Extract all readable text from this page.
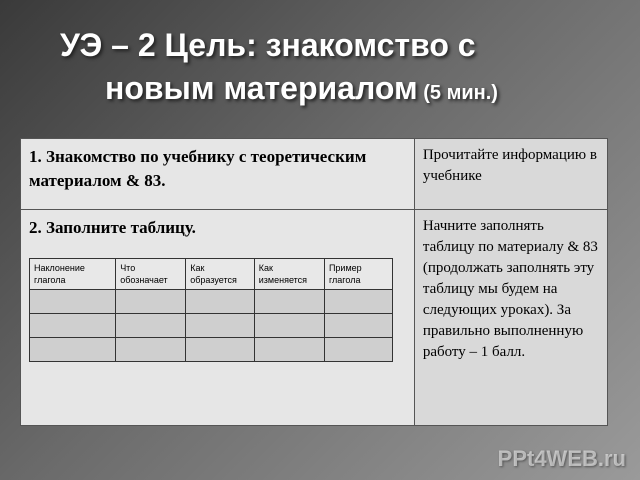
УЭ – 2 Цель: знакомство с
новым материалом (5 мин.)
1. Знакомство по учебнику с теоретическим материалом & 83.	Прочитайте информацию в учебнике

2. Заполните таблицу.
Наклонение глагола	Что обозначает	Как образуется	Как изменяется	Пример глагола

	Начните заполнять таблицу по материалу & 83 (продолжать заполнять эту таблицу мы будем на следующих уроках). За правильно выполненную работу – 1 балл.
PPt4WEB.ru
